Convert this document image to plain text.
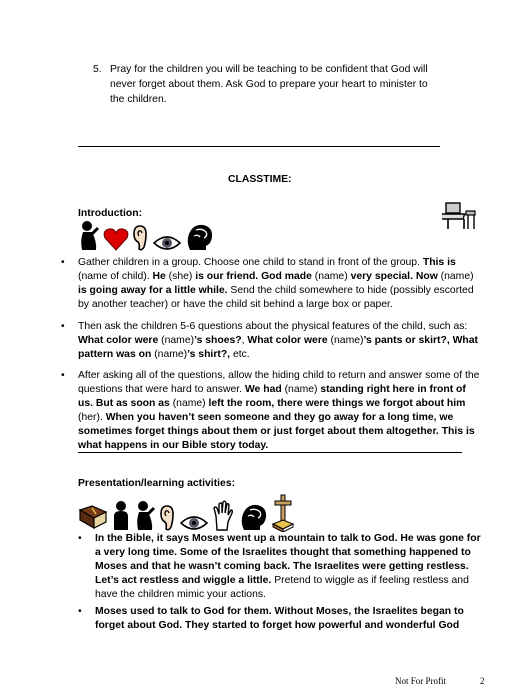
5. Pray for the children you will be teaching to be confident that God will never forget about them. Ask God to prepare your heart to minister to the children.
CLASSTIME:
Introduction:
• Gather children in a group. Choose one child to stand in front of the group. This is (name of child). He (she) is our friend. God made (name) very special. Now (name) is going away for a little while. Send the child somewhere to hide (possibly escorted by another teacher) or have the child sit behind a large box or paper.
• Then ask the children 5-6 questions about the physical features of the child, such as: What color were (name)’s shoes?, What color were (name)’s pants or skirt?, What pattern was on (name)’s shirt?, etc.
• After asking all of the questions, allow the hiding child to return and answer some of the questions that were hard to answer. We had (name) standing right here in front of us. But as soon as (name) left the room, there were things we forgot about him (her). When you haven’t seen someone and they go away for a long time, we sometimes forget things about them or just forget about them altogether. This is what happens in our Bible story today.
Presentation/learning activities:
• In the Bible, it says Moses went up a mountain to talk to God. He was gone for a very long time. Some of the Israelites thought that something happened to Moses and that he wasn’t coming back. The Israelites were getting restless. Let’s act restless and wiggle a little. Pretend to wiggle as if feeling restless and have the children mimic your actions.
• Moses used to talk to God for them. Without Moses, the Israelites began to forget about God. They started to forget how powerful and wonderful God
Not For Profit	2
